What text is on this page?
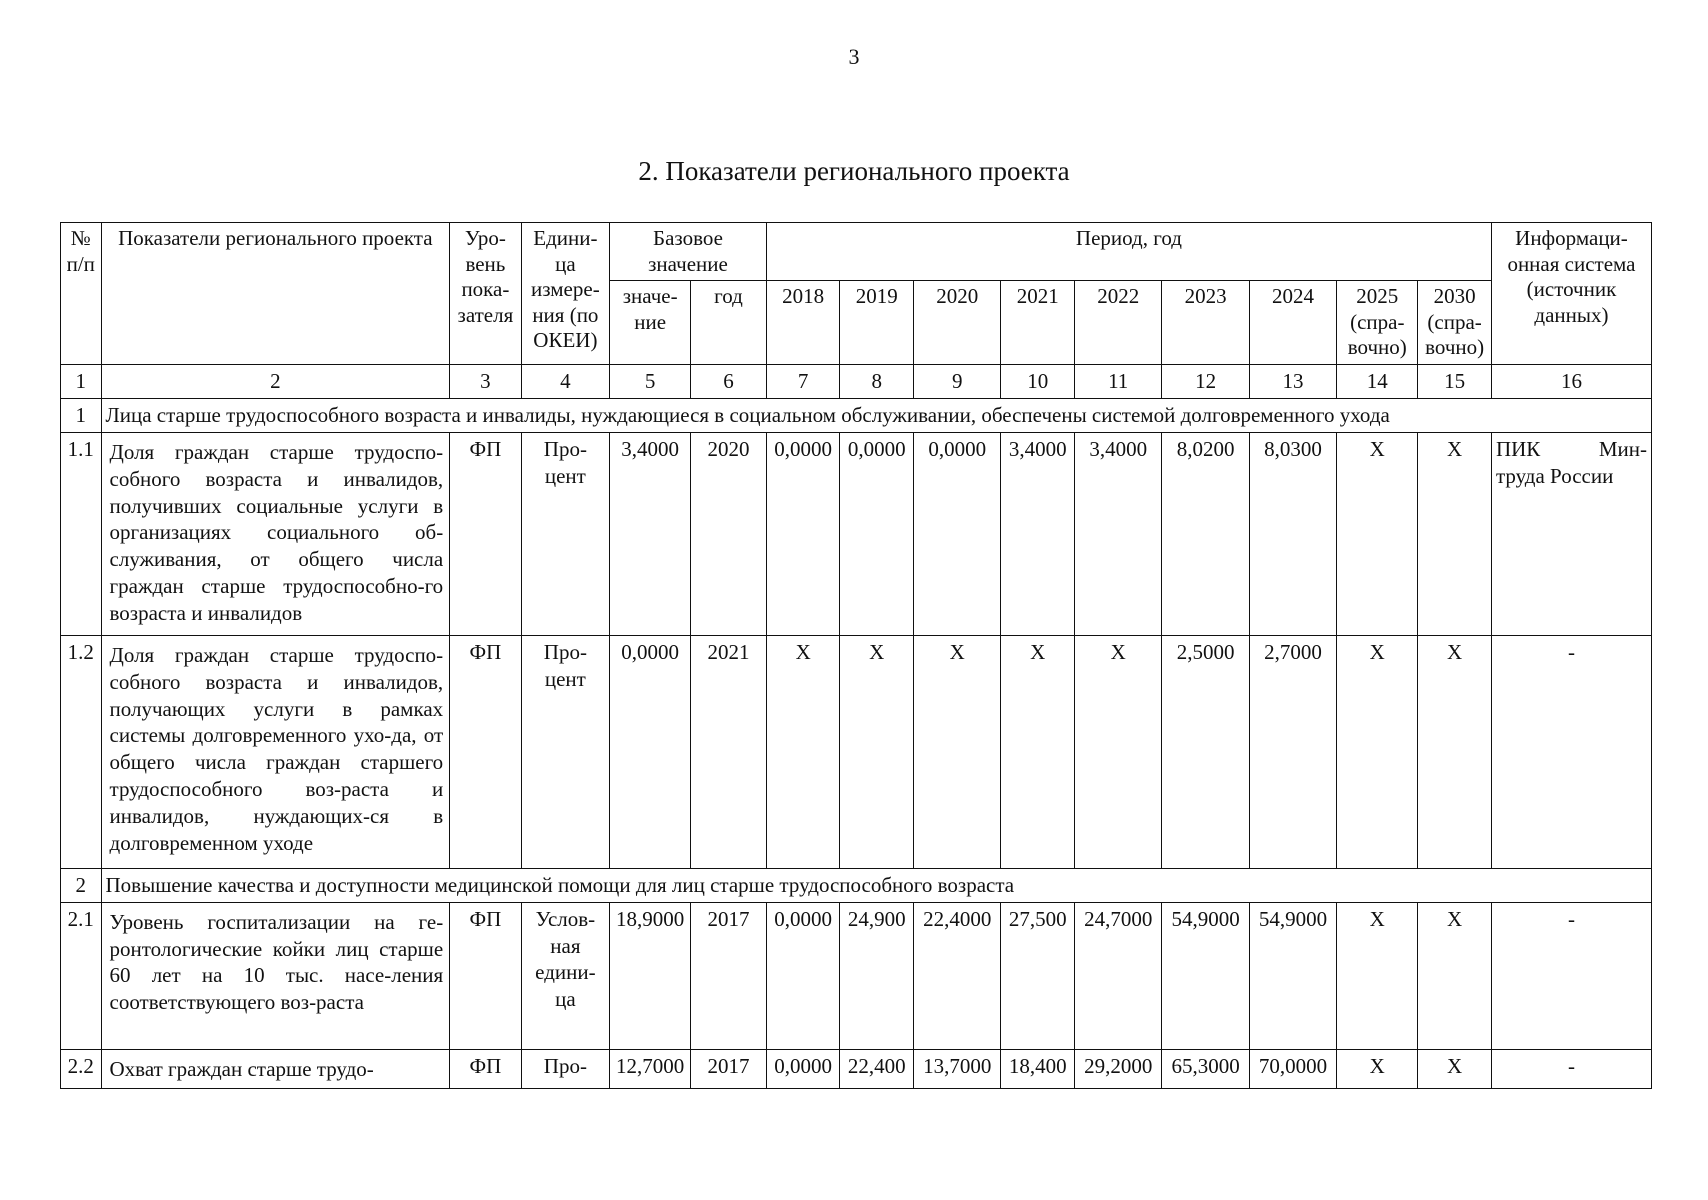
3
2. Показатели регионального проекта
№ п/п	Показатели регионального проекта	Уро-вень пока-зателя	Едини-ца измере-ния (по ОКЕИ)	Базовое значение		Период, год									Информаци-онная система (источник данных)
				значе-ние	год										
						2018	2019	2020	2021	2022	2023	2024	2025 (спра-вочно)	2030 (спра-вочно)	
1	2	3	4	5	6	7	8	9	10	11	12	13	14	15	16
1	Лица старше трудоспособного возраста и инвалиды, нуждающиеся в социальном обслуживании, обеспечены системой долговременного ухода														
1.1	Доля граждан старше трудоспо-собного возраста и инвалидов, получивших социальные услуги в организациях социального об-служивания, от общего числа граждан старше трудоспособно-го возраста и инвалидов	ФП	Про-цент	3,4000	2020	0,0000	0,0000	0,0000	3,4000	3,4000	8,0200	8,0300	X	X	ПИК Мин-
труда России

1.2	Доля граждан старше трудоспо-собного возраста и инвалидов, получающих услуги в рамках системы долговременного ухо-да, от общего числа граждан старшего трудоспособного воз-раста и инвалидов, нуждающих-ся в долговременном уходе	ФП	Про-цент	0,0000	2021	X	X	X	X	X	2,5000	2,7000	X	X	-
2	Повышение качества и доступности медицинской помощи для лиц старше трудоспособного возраста														
2.1	Уровень госпитализации на ге-ронтологические койки лиц старше 60 лет на 10 тыс. насе-ления соответствующего воз-раста	ФП	Услов-ная едини-ца	18,9000	2017	0,0000	24,900	22,4000	27,500	24,7000	54,9000	54,9000	X	X	-
2.2	Охват граждан старше трудо-	ФП	Про-	12,7000	2017	0,0000	22,400	13,7000	18,400	29,2000	65,3000	70,0000	X	X	-
